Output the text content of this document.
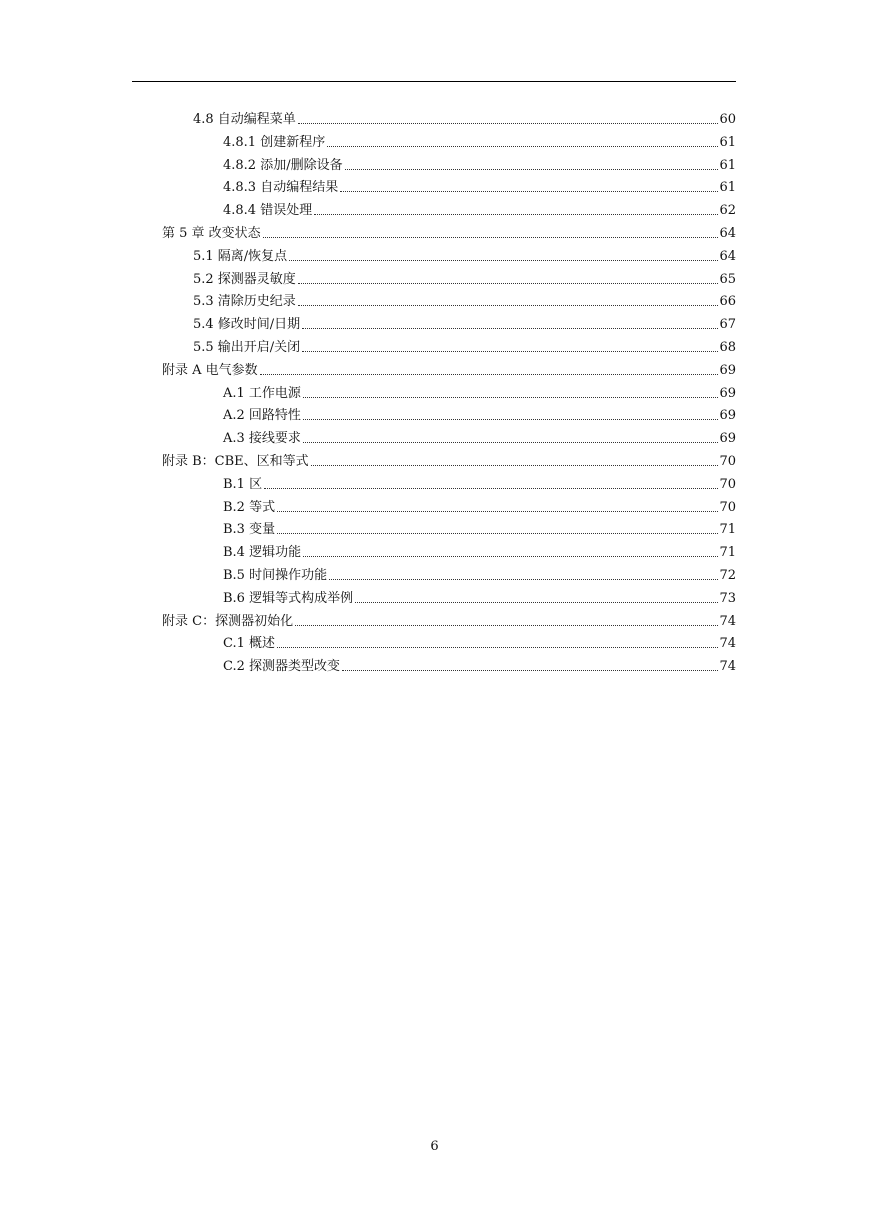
4.8 自动编程菜单	60
4.8.1 创建新程序	61
4.8.2 添加/删除设备	61
4.8.3 自动编程结果	61
4.8.4 错误处理	62
第 5 章 改变状态	64
5.1 隔离/恢复点	64
5.2 探测器灵敏度	65
5.3 清除历史纪录	66
5.4 修改时间/日期	67
5.5 输出开启/关闭	68
附录 A 电气参数	69
A.1 工作电源	69
A.2 回路特性	69
A.3 接线要求	69
附录 B：CBE、区和等式	70
B.1 区	70
B.2 等式	70
B.3 变量	71
B.4 逻辑功能	71
B.5 时间操作功能	72
B.6 逻辑等式构成举例	73
附录 C：探测器初始化	74
C.1 概述	74
C.2 探测器类型改变	74
6
